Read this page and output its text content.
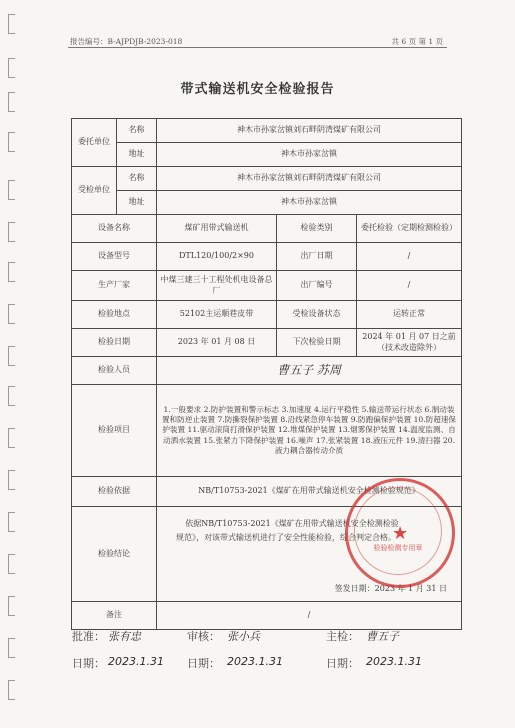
报告编号：B-AJPDJB-2023-018	共 6 页 第 1 页
带式输送机安全检验报告
委托单位	名称	神木市孙家岔镇刘石畔阴湾煤矿有限公司		
	地址	神木市孙家岔镇		
受检单位	名称	神木市孙家岔镇刘石畔阴湾煤矿有限公司		
	地址	神木市孙家岔镇		
设备名称		煤矿用带式输送机	检验类别	委托检验（定期检测检验）
设备型号		DTL120/100/2×90	出厂日期	/
生产厂家		中煤三建三十工程处机电设备总厂	出厂编号	/
检验地点		52102主运顺巷皮带	受检设备状态	运转正常
检验日期		2023 年 01 月 08 日	下次检验日期	2024 年 01 月 07 日之前（技术改造除外）
检验人员		曹五子 苏周		
检验项目		1.一般要求 2.防护装置和警示标志 3.加速度 4.运行平稳性 5.输送带运行状态 6.制动装置和防逆止装置 7.防撕裂保护装置 8.沿线紧急停车装置 9.防跑偏保护装置 10.防超速保护装置 11.驱动滚筒打滑保护装置 12.堆煤保护装置 13.烟雾保护装置 14.温度监测、自动洒水装置 15.张紧力下降保护装置 16.噪声 17.张紧装置 18.液压元件 19.清扫器 20.液力耦合器传动介质		
检验依据		NB/T10753-2021《煤矿在用带式输送机安全检测检验规范》		
检验结论		依据NB/T10753-2021《煤矿在用带式输送机安全检测检验规范》，对该带式输送机进行了安全性能检验，综合判定合格。
签发日期：2023 年 1 月 31 日		

备注		/		
★
检验检测专用章
批准： 张有忠	审核： 张小兵	主检： 曹五子
日期： 2023.1.31 日期： 2023.1.31	日期： 2023.1.31
